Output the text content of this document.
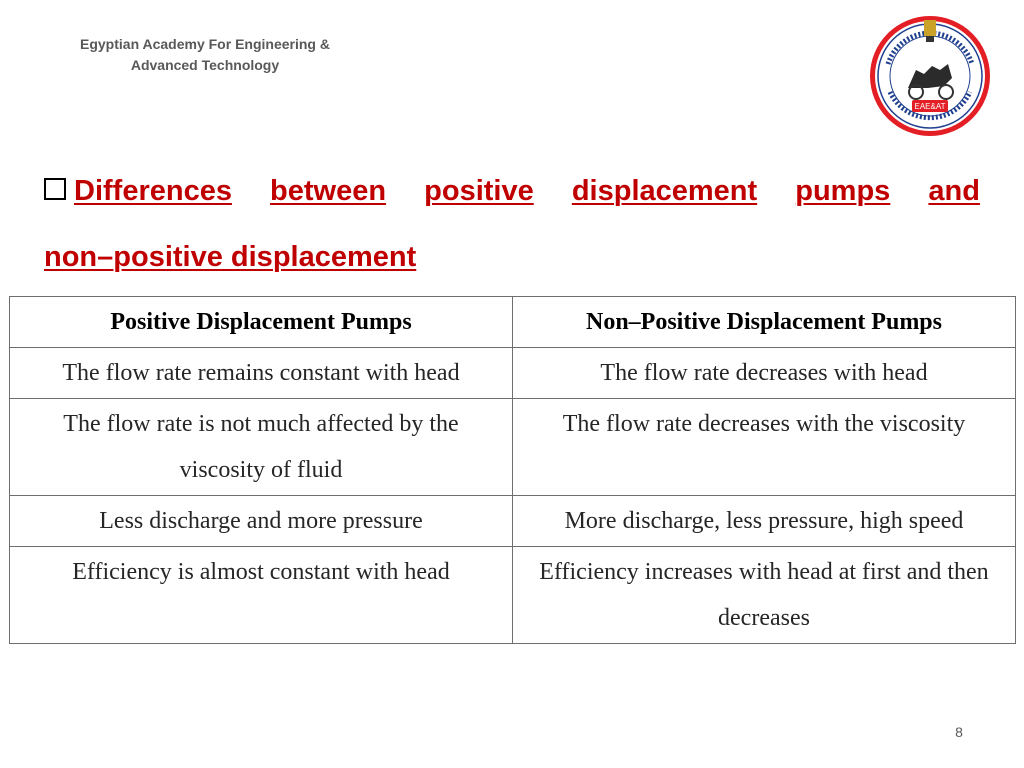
Egyptian Academy For Engineering &
Advanced Technology
EAE&AT
Differences between positive displacement pumps and
non–positive displacement
Positive Displacement Pumps	Non–Positive Displacement Pumps
The flow rate remains constant with head	The flow rate decreases with head
The flow rate is not much affected by the viscosity of fluid	The flow rate decreases with the viscosity
Less discharge and more pressure	More discharge, less pressure, high speed
Efficiency is almost constant with head	Efficiency increases with head at first and then decreases
8
